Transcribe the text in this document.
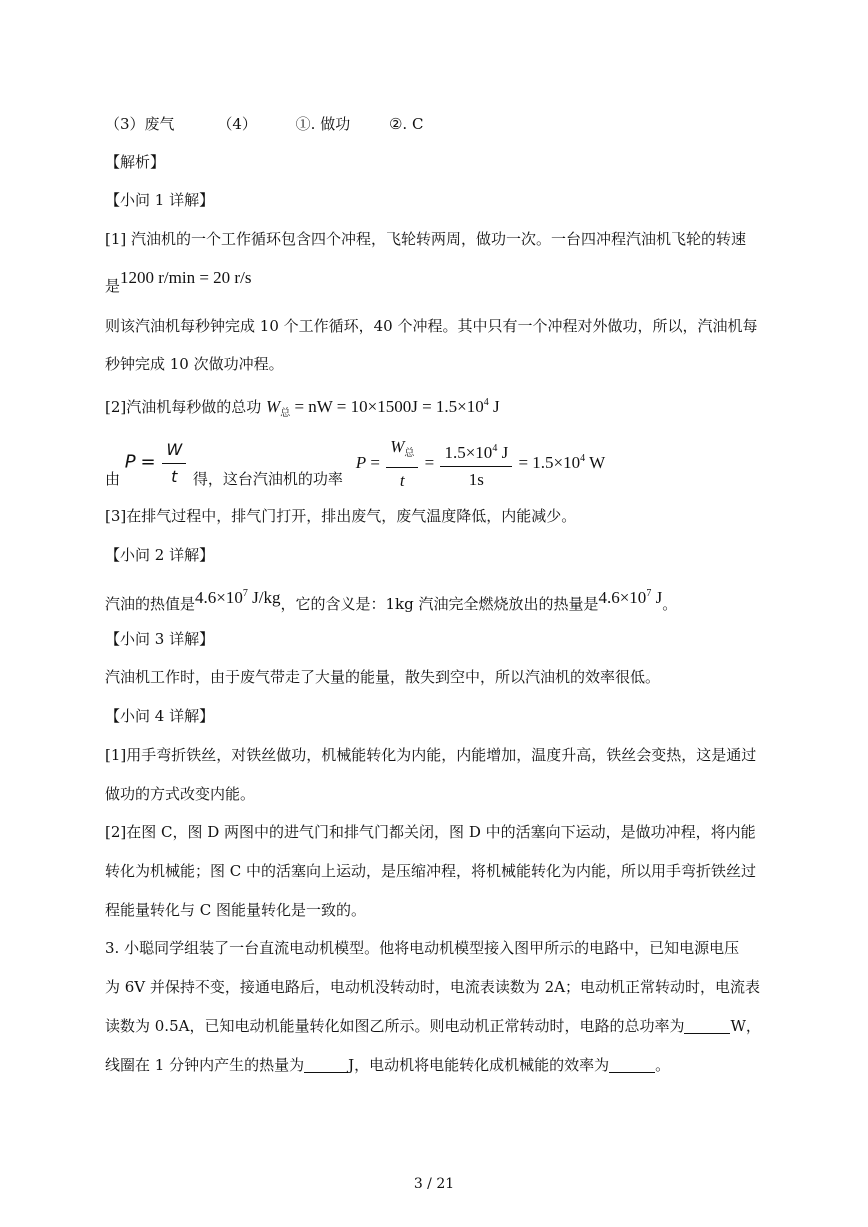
（3）废气	（4）	①. 做功	②. C
【解析】
【小问 1 详解】
[1] 汽油机的一个工作循环包含四个冲程，飞轮转两周，做功一次。一台四冲程汽油机飞轮的转速
是1200 r/min = 20 r/s
则该汽油机每秒钟完成 10 个工作循环，40 个冲程。其中只有一个冲程对外做功，所以，汽油机每
秒钟完成 10 次做功冲程。
[2]汽油机每秒做的总功 $W_总$ = nW = $10\times 1500J = 1.5\times 10^4$ J
由 $P = \frac{W}{t}$ 得，这台汽油机的功率 $P = \frac{W_总}{t} = \frac{1.5\times 10^4 J}{1s} = 1.5\times 10^4$ W
[3]在排气过程中，排气门打开，排出废气，废气温度降低，内能减少。
【小问 2 详解】
汽油的热值是$4.6\times 10^7$ J/kg，它的含义是：1kg 汽油完全燃烧放出的热量是$4.6\times 10^7$ J。
【小问 3 详解】
汽油机工作时，由于废气带走了大量的能量，散失到空中，所以汽油机的效率很低。
【小问 4 详解】
[1]用手弯折铁丝，对铁丝做功，机械能转化为内能，内能增加，温度升高，铁丝会变热，这是通过
做功的方式改变内能。
[2]在图 C，图 D 两图中的进气门和排气门都关闭，图 D 中的活塞向下运动，是做功冲程，将内能
转化为机械能；图 C 中的活塞向上运动，是压缩冲程，将机械能转化为内能，所以用手弯折铁丝过
程能量转化与 C 图能量转化是一致的。
3. 小聪同学组装了一台直流电动机模型。他将电动机模型接入图甲所示的电路中，已知电源电压
为 6V 并保持不变，接通电路后，电动机没转动时，电流表读数为 2A；电动机正常转动时，电流表
读数为 0.5A，已知电动机能量转化如图乙所示。则电动机正常转动时，电路的总功率为	W，
线圈在 1 分钟内产生的热量为	J，电动机将电能转化成机械能的效率为	。
3 / 21
